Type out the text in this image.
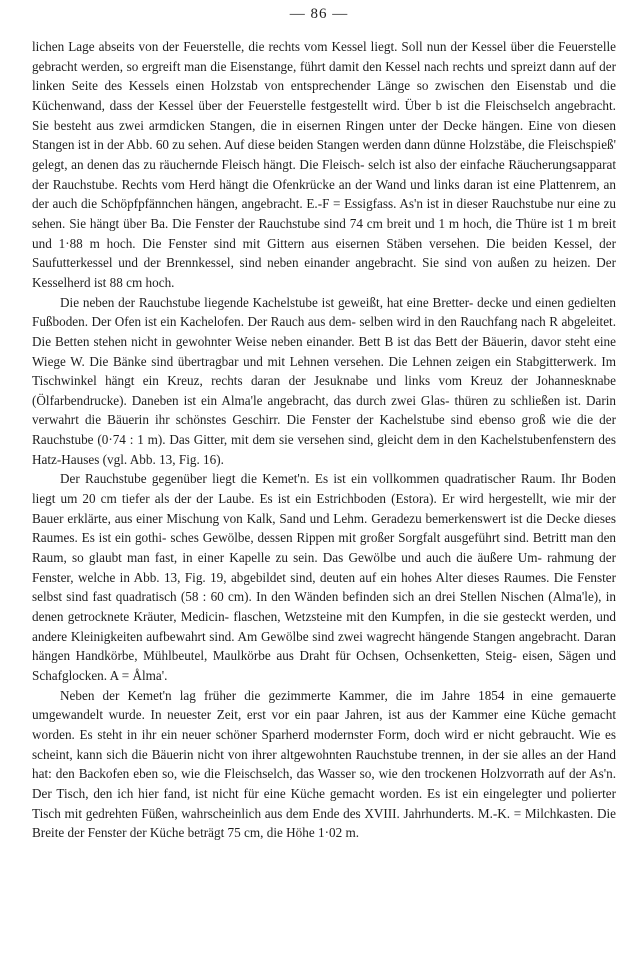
— 86 —

lichen Lage abseits von der Feuerstelle, die rechts vom Kessel liegt. Soll nun der Kessel über die Feuerstelle gebracht werden, so ergreift man die Eisenstange, führt damit den Kessel nach rechts und spreizt dann auf der linken Seite des Kessels einen Holzstab von entsprechender Länge so zwischen den Eisenstab und die Küchenwand, dass der Kessel über der Feuerstelle festgestellt wird. Über b ist die Fleischselch angebracht. Sie besteht aus zwei armdicken Stangen, die in eisernen Ringen unter der Decke hängen. Eine von diesen Stangen ist in der Abb. 60 zu sehen. Auf diese beiden Stangen werden dann dünne Holzstäbe, die Fleischspieß' gelegt, an denen das zu räuchernde Fleisch hängt. Die Fleisch- selch ist also der einfache Räucherungsapparat der Rauchstube. Rechts vom Herd hängt die Ofenkrücke an der Wand und links daran ist eine Plattenrem, an der auch die Schöpfpfännchen hängen, angebracht. E.-F = Essigfass. As'n ist in dieser Rauchstube nur eine zu sehen. Sie hängt über Ba. Die Fenster der Rauchstube sind 74 cm breit und 1 m hoch, die Thüre ist 1 m breit und 1·88 m hoch. Die Fenster sind mit Gittern aus eisernen Stäben versehen. Die beiden Kessel, der Saufutterkessel und der Brennkessel, sind neben einander angebracht. Sie sind von außen zu heizen. Der Kesselherd ist 88 cm hoch.

Die neben der Rauchstube liegende Kachelstube ist geweißt, hat eine Bretter- decke und einen gedielten Fußboden. Der Ofen ist ein Kachelofen. Der Rauch aus dem- selben wird in den Rauchfang nach R abgeleitet. Die Betten stehen nicht in gewohnter Weise neben einander. Bett B ist das Bett der Bäuerin, davor steht eine Wiege W. Die Bänke sind übertragbar und mit Lehnen versehen. Die Lehnen zeigen ein Stabgitterwerk. Im Tischwinkel hängt ein Kreuz, rechts daran der Jesuknabe und links vom Kreuz der Johannesknabe (Ölfarbendrucke). Daneben ist ein Alma'le angebracht, das durch zwei Glas- thüren zu schließen ist. Darin verwahrt die Bäuerin ihr schönstes Geschirr. Die Fenster der Kachelstube sind ebenso groß wie die der Rauchstube (0·74 : 1 m). Das Gitter, mit dem sie versehen sind, gleicht dem in den Kachelstubenfenstern des Hatz-Hauses (vgl. Abb. 13, Fig. 16).

Der Rauchstube gegenüber liegt die Kemet'n. Es ist ein vollkommen quadratischer Raum. Ihr Boden liegt um 20 cm tiefer als der der Laube. Es ist ein Estrichboden (Estora). Er wird hergestellt, wie mir der Bauer erklärte, aus einer Mischung von Kalk, Sand und Lehm. Geradezu bemerkenswert ist die Decke dieses Raumes. Es ist ein gothi- sches Gewölbe, dessen Rippen mit großer Sorgfalt ausgeführt sind. Betritt man den Raum, so glaubt man fast, in einer Kapelle zu sein. Das Gewölbe und auch die äußere Um- rahmung der Fenster, welche in Abb. 13, Fig. 19, abgebildet sind, deuten auf ein hohes Alter dieses Raumes. Die Fenster selbst sind fast quadratisch (58 : 60 cm). In den Wänden befinden sich an drei Stellen Nischen (Alma'le), in denen getrocknete Kräuter, Medicin- flaschen, Wetzsteine mit den Kumpfen, in die sie gesteckt werden, und andere Kleinigkeiten aufbewahrt sind. Am Gewölbe sind zwei wagrecht hängende Stangen angebracht. Daran hängen Handkörbe, Mühlbeutel, Maulkörbe aus Draht für Ochsen, Ochsenketten, Steig- eisen, Sägen und Schafglocken. A = Ålma'.

Neben der Kemet'n lag früher die gezimmerte Kammer, die im Jahre 1854 in eine gemauerte umgewandelt wurde. In neuester Zeit, erst vor ein paar Jahren, ist aus der Kammer eine Küche gemacht worden. Es steht in ihr ein neuer schöner Sparherd modernster Form, doch wird er nicht gebraucht. Wie es scheint, kann sich die Bäuerin nicht von ihrer altgewohnten Rauchstube trennen, in der sie alles an der Hand hat: den Backofen eben so, wie die Fleischselch, das Wasser so, wie den trockenen Holzvorrath auf der As'n. Der Tisch, den ich hier fand, ist nicht für eine Küche gemacht worden. Es ist ein eingelegter und polierter Tisch mit gedrehten Füßen, wahrscheinlich aus dem Ende des XVIII. Jahrhunderts. M.-K. = Milchkasten. Die Breite der Fenster der Küche beträgt 75 cm, die Höhe 1·02 m.
